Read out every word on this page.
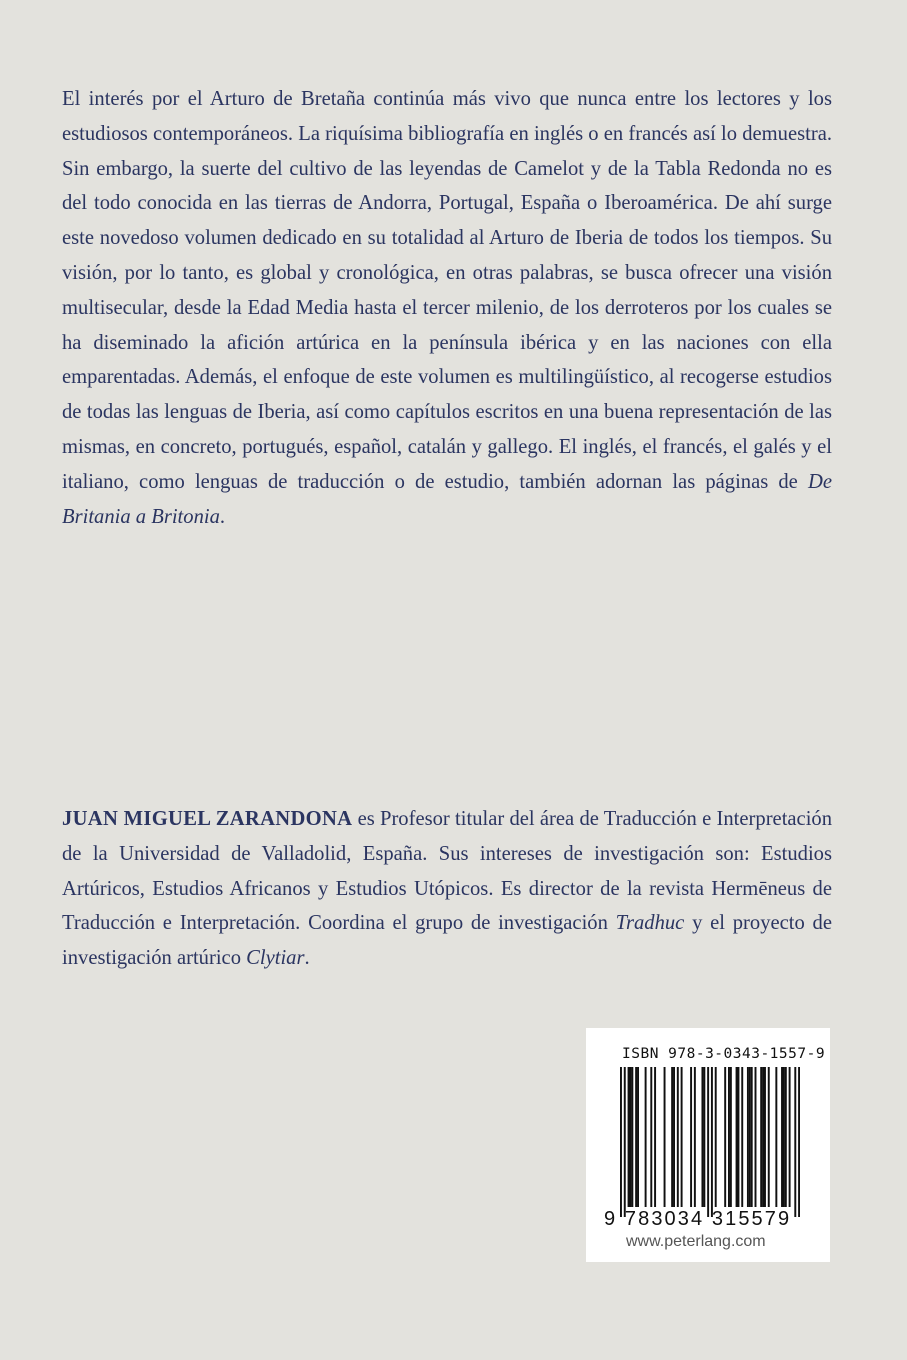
El interés por el Arturo de Bretaña continúa más vivo que nunca entre los lectores y los estudiosos contemporáneos. La riquísima bibliografía en inglés o en francés así lo demuestra. Sin embargo, la suerte del cultivo de las leyendas de Camelot y de la Tabla Redonda no es del todo conocida en las tierras de Andorra, Portugal, España o Iberoamérica. De ahí surge este novedoso volumen dedicado en su totalidad al Arturo de Iberia de todos los tiempos. Su visión, por lo tanto, es global y cronológica, en otras palabras, se busca ofrecer una visión multisecular, desde la Edad Media hasta el tercer milenio, de los derroteros por los cuales se ha diseminado la afición artúrica en la península ibérica y en las naciones con ella emparentadas. Además, el enfoque de este volumen es multilingüístico, al recogerse estudios de todas las lenguas de Iberia, así como capítulos escritos en una buena representación de las mismas, en concreto, portugués, español, catalán y gallego. El inglés, el francés, el galés y el italiano, como lenguas de traducción o de estudio, también adornan las páginas de De Britania a Britonia.

JUAN MIGUEL ZARANDONA es Profesor titular del área de Traducción e Interpretación de la Universidad de Valladolid, España. Sus intereses de investigación son: Estudios Artúricos, Estudios Africanos y Estudios Utópicos. Es director de la revista Hermēneus de Traducción e Interpretación. Coordina el grupo de investigación Tradhuc y el proyecto de investigación artúrico Clytiar.

ISBN 978-3-0343-1557-9
9 783034 315579
www.peterlang.com
